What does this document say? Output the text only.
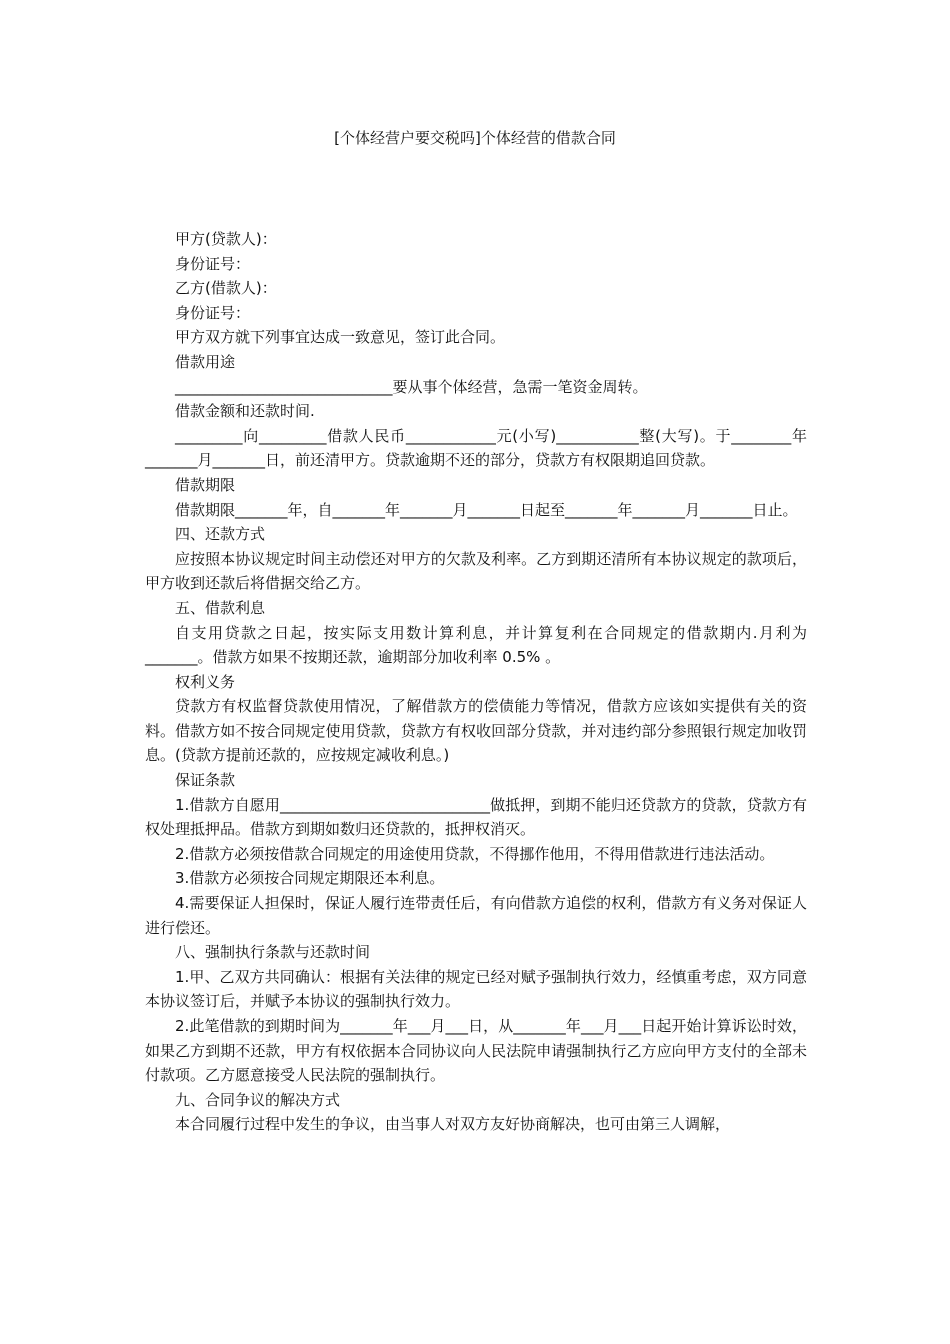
[个体经营户要交税吗]个体经营的借款合同

甲方(贷款人)：

身份证号：

乙方(借款人)：

身份证号：

甲方双方就下列事宜达成一致意见，签订此合同。

借款用途

_____________________________要从事个体经营，急需一笔资金周转。

借款金额和还款时间.

_________向_________借款人民币____________元(小写)___________整(大写)。于________年_______月_______日，前还清甲方。贷款逾期不还的部分，贷款方有权限期追回贷款。

借款期限

借款期限_______年，自_______年_______月_______日起至_______年_______月_______日止。

四、还款方式

应按照本协议规定时间主动偿还对甲方的欠款及利率。乙方到期还清所有本协议规定的款项后，甲方收到还款后将借据交给乙方。

五、借款利息

自支用贷款之日起，按实际支用数计算利息，并计算复利在合同规定的借款期内.月利为_______。借款方如果不按期还款，逾期部分加收利率 0.5% 。

权利义务

贷款方有权监督贷款使用情况，了解借款方的偿债能力等情况，借款方应该如实提供有关的资料。借款方如不按合同规定使用贷款，贷款方有权收回部分贷款，并对违约部分参照银行规定加收罚息。(贷款方提前还款的，应按规定减收利息。)

保证条款

1.借款方自愿用____________________________做抵押，到期不能归还贷款方的贷款，贷款方有权处理抵押品。借款方到期如数归还贷款的，抵押权消灭。

2.借款方必须按借款合同规定的用途使用贷款，不得挪作他用，不得用借款进行违法活动。

3.借款方必须按合同规定期限还本利息。

4.需要保证人担保时，保证人履行连带责任后，有向借款方追偿的权利，借款方有义务对保证人进行偿还。

八、强制执行条款与还款时间

1.甲、乙双方共同确认：根据有关法律的规定已经对赋予强制执行效力，经慎重考虑，双方同意本协议签订后，并赋予本协议的强制执行效力。

2.此笔借款的到期时间为_______年___月___日，从_______年___月___日起开始计算诉讼时效，如果乙方到期不还款，甲方有权依据本合同协议向人民法院申请强制执行乙方应向甲方支付的全部未付款项。乙方愿意接受人民法院的强制执行。

九、合同争议的解决方式

本合同履行过程中发生的争议，由当事人对双方友好协商解决，也可由第三人调解，
